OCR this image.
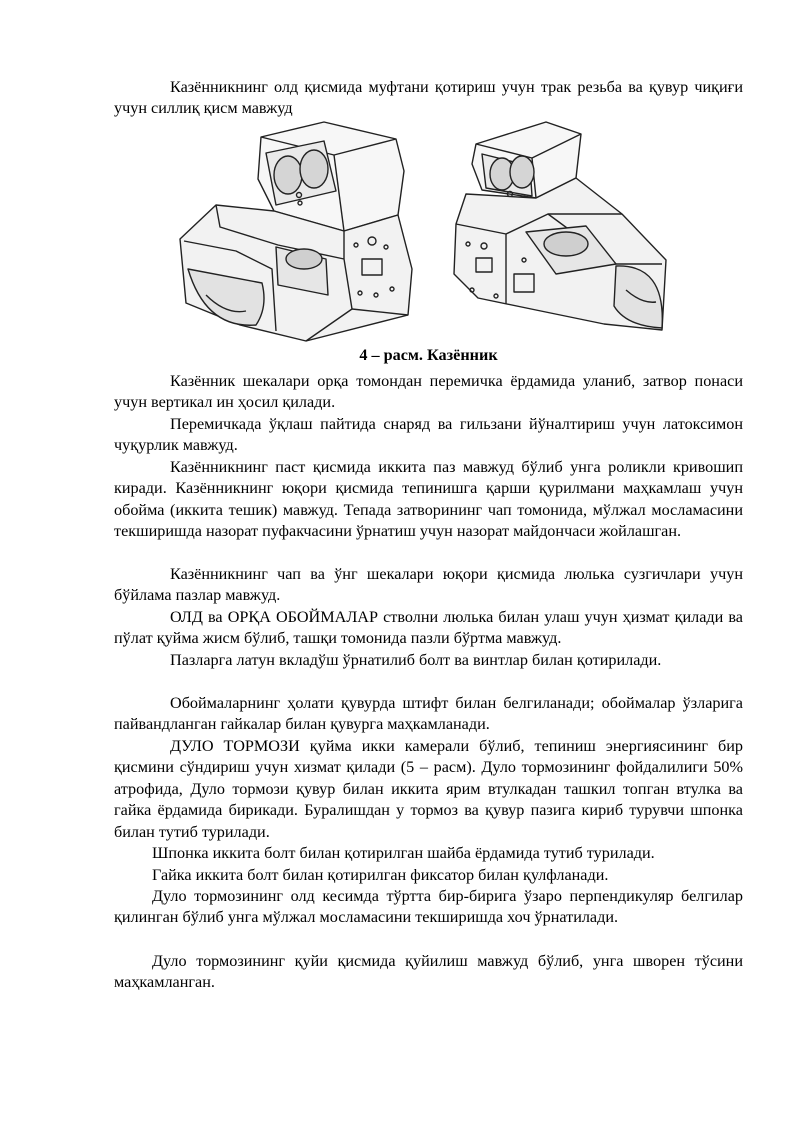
Казённикнинг олд қисмида муфтани қотириш учун трак резьба ва қувур чиқиғи учун силлиқ қисм мавжуд

4 – расм. Казённик

Казённик шекалари орқа томондан перемичка ёрдамида уланиб, затвор понаси учун вертикал ин ҳосил қилади.

Перемичкада ўқлаш пайтида снаряд ва гильзани йўналтириш учун латоксимон чуқурлик мавжуд.

Казённикнинг паст қисмида иккита паз мавжуд бўлиб унга роликли кривошип киради. Казённикнинг юқори қисмида тепинишга қарши қурилмани маҳкамлаш учун обойма (иккита тешик) мавжуд. Тепада затворининг чап томонида, мўлжал мосламасини текширишда назорат пуфакчасини ўрнатиш учун назорат майдончаси жойлашган.

Казённикнинг чап ва ўнг шекалари юқори қисмида люлька сузгичлари учун бўйлама пазлар мавжуд.

ОЛД ва ОРҚА ОБОЙМАЛАР стволни люлька билан улаш учун ҳизмат қилади ва пўлат қуйма жисм бўлиб, ташқи томонида пазли бўртма мавжуд.

Пазларга латун вкладўш ўрнатилиб болт ва винтлар билан қотирилади.

Обоймаларнинг ҳолати қувурда штифт билан белгиланади; обоймалар ўзларига пайвандланган гайкалар билан қувурга маҳкамланади.

ДУЛО ТОРМОЗИ қуйма икки камерали бўлиб, тепиниш энергиясининг бир қисмини сўндириш учун хизмат қилади (5 – расм). Дуло тормозининг фойдалилиги 50% атрофида, Дуло тормози қувур билан иккита ярим втулкадан ташкил топган втулка ва гайка ёрдамида бирикади. Буралишдан у тормоз ва қувур пазига кириб турувчи шпонка билан тутиб турилади.

Шпонка иккита болт билан қотирилган шайба ёрдамида тутиб турилади.

Гайка иккита болт билан қотирилган фиксатор билан қулфланади.

Дуло тормозининг олд кесимда тўртта бир-бирига ўзаро перпендикуляр белгилар қилинган бўлиб унга мўлжал мосламасини текширишда хоч ўрнатилади.

Дуло тормозининг қуйи қисмида қуйилиш мавжуд бўлиб, унга шворен тўсини маҳкамланган.
